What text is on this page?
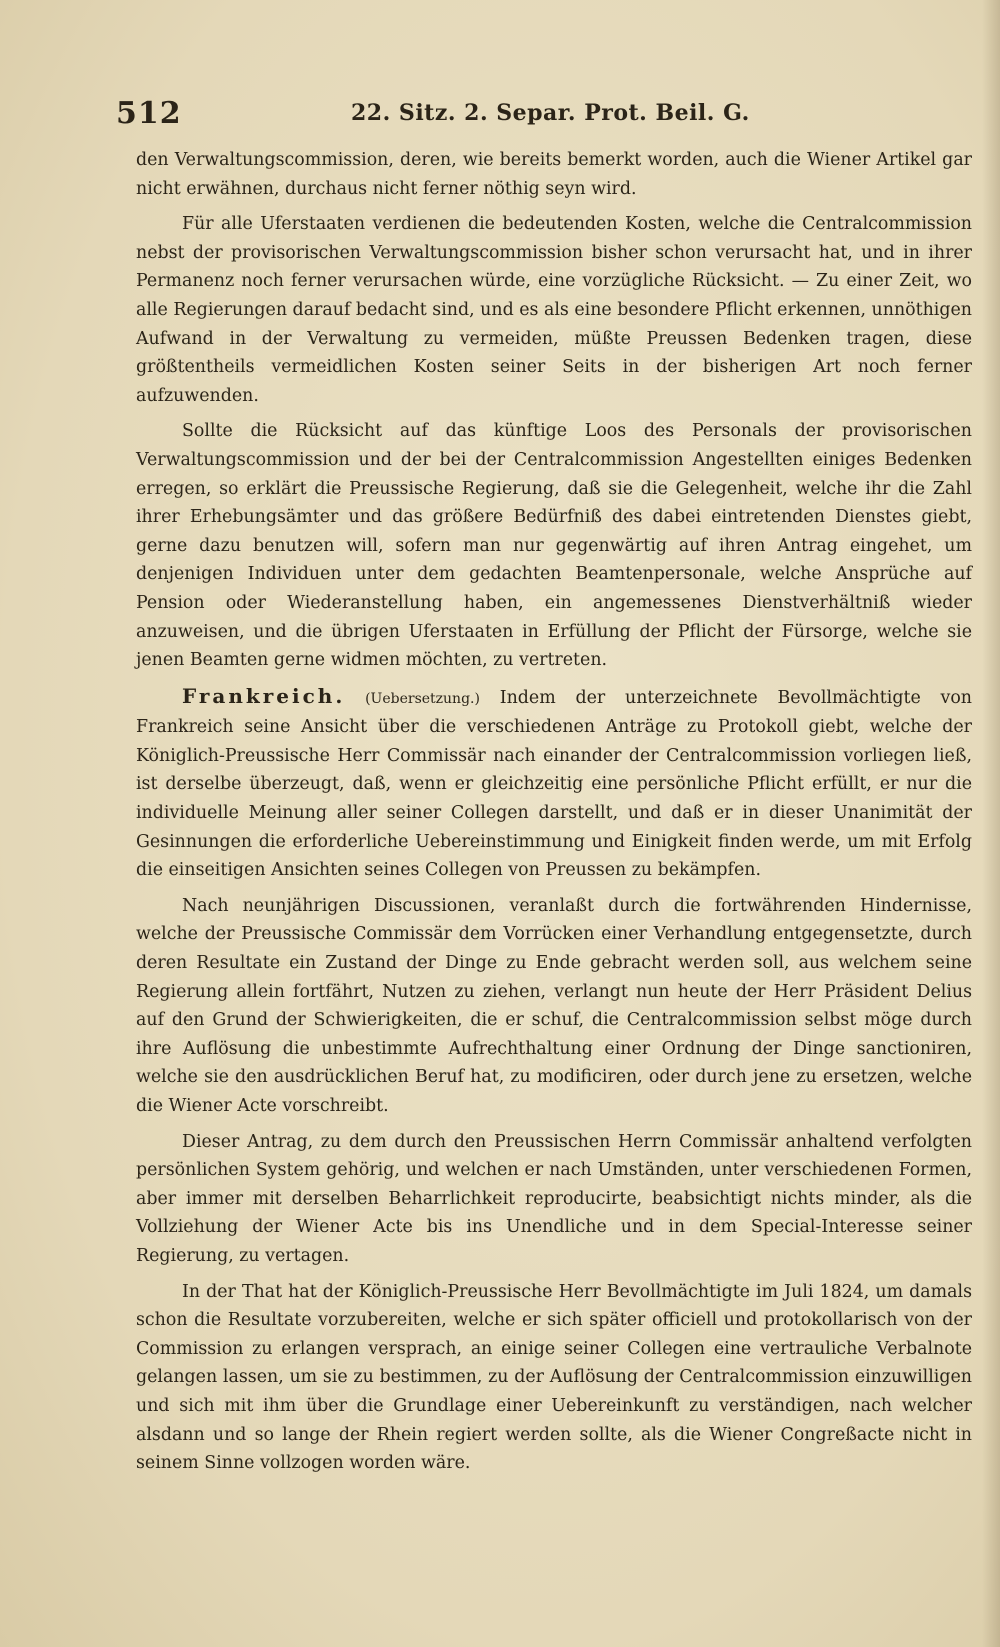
512	22. Sitz. 2. Separ. Prot. Beil. G.

den Verwaltungscommission, deren, wie bereits bemerkt worden, auch die Wiener Artikel gar nicht erwähnen, durchaus nicht ferner nöthig seyn wird.

Für alle Uferstaaten verdienen die bedeutenden Kosten, welche die Centralcommission nebst der provisorischen Verwaltungscommission bisher schon verursacht hat, und in ihrer Permanenz noch ferner verursachen würde, eine vorzügliche Rücksicht. — Zu einer Zeit, wo alle Regierungen darauf bedacht sind, und es als eine besondere Pflicht erkennen, unnöthigen Aufwand in der Verwaltung zu vermeiden, müßte Preussen Bedenken tragen, diese größtentheils vermeidlichen Kosten seiner Seits in der bisherigen Art noch ferner aufzuwenden.

Sollte die Rücksicht auf das künftige Loos des Personals der provisorischen Verwaltungscommission und der bei der Centralcommission Angestellten einiges Bedenken erregen, so erklärt die Preussische Regierung, daß sie die Gelegenheit, welche ihr die Zahl ihrer Erhebungsämter und das größere Bedürfniß des dabei eintretenden Dienstes giebt, gerne dazu benutzen will, sofern man nur gegenwärtig auf ihren Antrag eingehet, um denjenigen Individuen unter dem gedachten Beamtenpersonale, welche Ansprüche auf Pension oder Wiederanstellung haben, ein angemessenes Dienstverhältniß wieder anzuweisen, und die übrigen Uferstaaten in Erfüllung der Pflicht der Fürsorge, welche sie jenen Beamten gerne widmen möchten, zu vertreten.

Frankreich. (Uebersetzung.) Indem der unterzeichnete Bevollmächtigte von Frankreich seine Ansicht über die verschiedenen Anträge zu Protokoll giebt, welche der Königlich-Preussische Herr Commissär nach einander der Centralcommission vorliegen ließ, ist derselbe überzeugt, daß, wenn er gleichzeitig eine persönliche Pflicht erfüllt, er nur die individuelle Meinung aller seiner Collegen darstellt, und daß er in dieser Unanimität der Gesinnungen die erforderliche Uebereinstimmung und Einigkeit finden werde, um mit Erfolg die einseitigen Ansichten seines Collegen von Preussen zu bekämpfen.

Nach neunjährigen Discussionen, veranlaßt durch die fortwährenden Hindernisse, welche der Preussische Commissär dem Vorrücken einer Verhandlung entgegensetzte, durch deren Resultate ein Zustand der Dinge zu Ende gebracht werden soll, aus welchem seine Regierung allein fortfährt, Nutzen zu ziehen, verlangt nun heute der Herr Präsident Delius auf den Grund der Schwierigkeiten, die er schuf, die Centralcommission selbst möge durch ihre Auflösung die unbestimmte Aufrechthaltung einer Ordnung der Dinge sanctioniren, welche sie den ausdrücklichen Beruf hat, zu modificiren, oder durch jene zu ersetzen, welche die Wiener Acte vorschreibt.

Dieser Antrag, zu dem durch den Preussischen Herrn Commissär anhaltend verfolgten persönlichen System gehörig, und welchen er nach Umständen, unter verschiedenen Formen, aber immer mit derselben Beharrlichkeit reproducirte, beabsichtigt nichts minder, als die Vollziehung der Wiener Acte bis ins Unendliche und in dem Special-Interesse seiner Regierung, zu vertagen.

In der That hat der Königlich-Preussische Herr Bevollmächtigte im Juli 1824, um damals schon die Resultate vorzubereiten, welche er sich später officiell und protokollarisch von der Commission zu erlangen versprach, an einige seiner Collegen eine vertrauliche Verbalnote gelangen lassen, um sie zu bestimmen, zu der Auflösung der Centralcommission einzuwilligen und sich mit ihm über die Grundlage einer Uebereinkunft zu verständigen, nach welcher alsdann und so lange der Rhein regiert werden sollte, als die Wiener Congreßacte nicht in seinem Sinne vollzogen worden wäre.
